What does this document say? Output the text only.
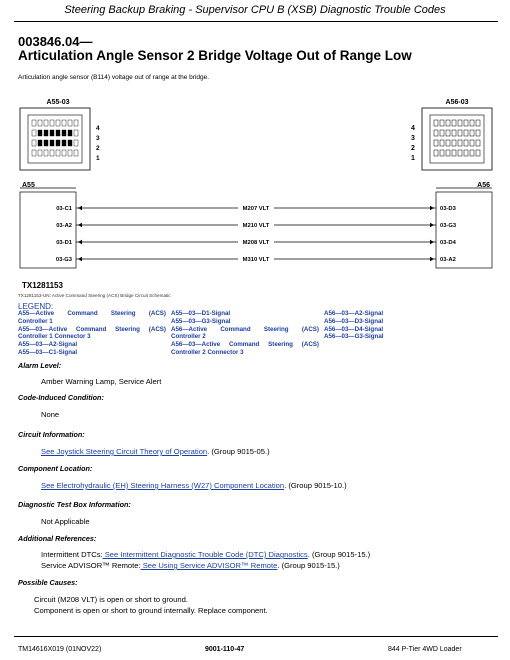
Steering Backup Braking - Supervisor CPU B (XSB) Diagnostic Trouble Codes
003846.04—
Articulation Angle Sensor 2 Bridge Voltage Out of Range Low
Articulation angle sensor (B114) voltage out of range at the bridge.
4
3
2
1
A55-03
4
3
2
1
A56-03
A55	A56
03-C1	M207 VLT	03-D3
03-A2	M210 VLT	03-G3
03-D1	M208 VLT	03-D4
03-G3	M310 VLT	03-A2
TX1281153
TX1281153-UN: Active Command Steering (ACS) Bridge Circuit Schematic
LEGEND:
A55—Active Command Steering (ACS)
Controller 1
A55—03—Active Command Steering (ACS)
Controller 1 Connector 3
A55—03—A2-Signal
A55—03—C1-Signal
A55—03—D1-Signal
A55—03—G3-Signal
A56—Active Command Steering (ACS)
Controller 2
A56—03—Active Command Steering (ACS)
Controller 2 Connector 3
A56—03—A2-Signal
A56—03—D3-Signal
A56—03—D4-Signal
A56—03—G3-Signal
Alarm Level:
Amber Warning Lamp, Service Alert
Code-Induced Condition:
None
Circuit Information:
See Joystick Steering Circuit Theory of Operation. (Group 9015-05.)
Component Location:
See Electrohydraulic (EH) Steering Harness (W27) Component Location. (Group 9015-10.)
Diagnostic Test Box Information:
Not Applicable
Additional References:
Intermittent DTCs: See Intermittent Diagnostic Trouble Code (DTC) Diagnostics. (Group 9015-15.)
Service ADVISOR™ Remote: See Using Service ADVISOR™ Remote. (Group 9015-15.)
Possible Causes:
Circuit (M208 VLT) is open or short to ground.
Component is open or short to ground internally. Replace component.
TM14616X019 (01NOV22)	9001-110-47	844 P-Tier 4WD Loader
